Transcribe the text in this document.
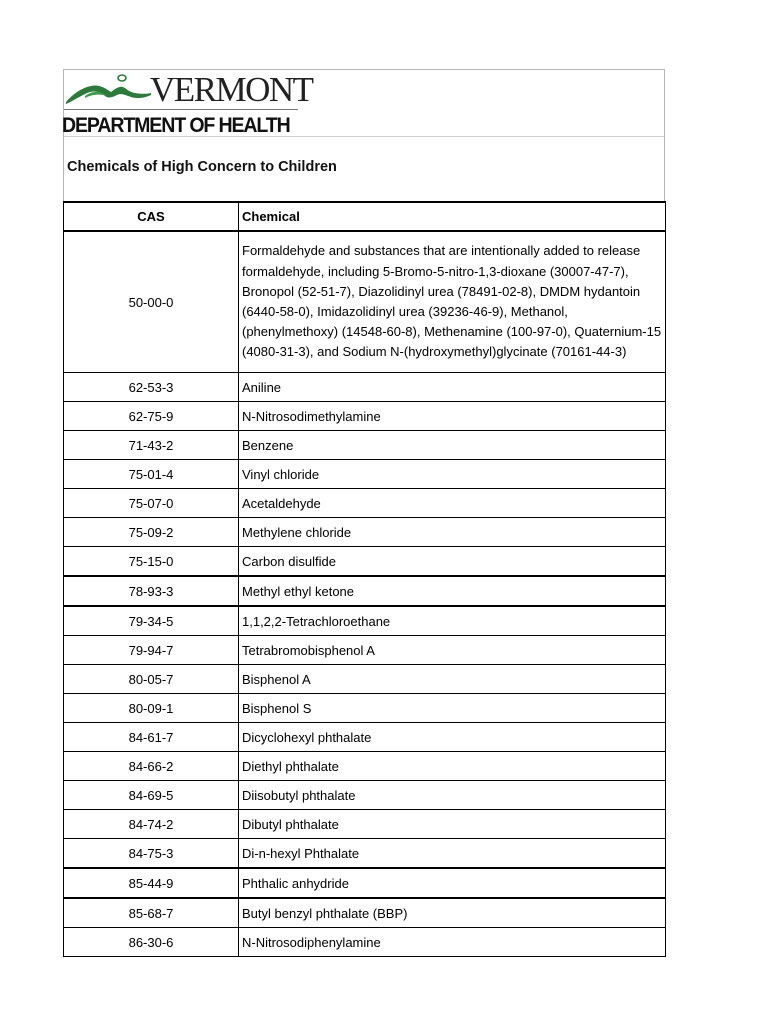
VERMONT
DEPARTMENT OF HEALTH
Chemicals of High Concern to Children
CAS	Chemical
50-00-0	Formaldehyde and substances that are intentionally added to release formaldehyde, including 5-Bromo-5-nitro-1,3-dioxane (30007-47-7), Bronopol (52-51-7), Diazolidinyl urea (78491-02-8), DMDM hydantoin (6440-58-0), Imidazolidinyl urea (39236-46-9), Methanol, (phenylmethoxy) (14548-60-8), Methenamine (100-97-0), Quaternium-15 (4080-31-3), and Sodium N-(hydroxymethyl)glycinate (70161-44-3)
62-53-3	Aniline
62-75-9	N-Nitrosodimethylamine
71-43-2	Benzene
75-01-4	Vinyl chloride
75-07-0	Acetaldehyde
75-09-2	Methylene chloride
75-15-0	Carbon disulfide
78-93-3	Methyl ethyl ketone
79-34-5	1,1,2,2-Tetrachloroethane
79-94-7	Tetrabromobisphenol A
80-05-7	Bisphenol A
80-09-1	Bisphenol S
84-61-7	Dicyclohexyl phthalate
84-66-2	Diethyl phthalate
84-69-5	Diisobutyl phthalate
84-74-2	Dibutyl phthalate
84-75-3	Di-n-hexyl Phthalate
85-44-9	Phthalic anhydride
85-68-7	Butyl benzyl phthalate (BBP)
86-30-6	N-Nitrosodiphenylamine
